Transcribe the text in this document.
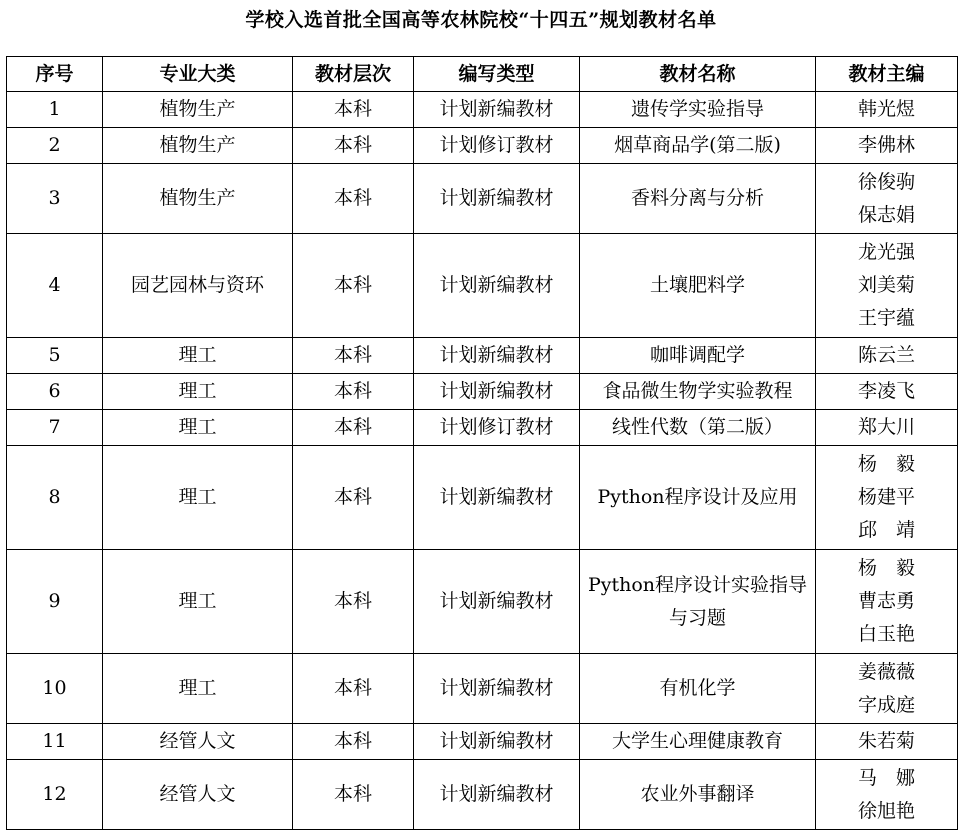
学校入选首批全国高等农林院校“十四五”规划教材名单
序号	专业大类	教材层次	编写类型	教材名称	教材主编
1	植物生产	本科	计划新编教材	遗传学实验指导	韩光煜

2	植物生产	本科	计划修订教材	烟草商品学(第二版)	李佛林

3	植物生产	本科	计划新编教材	香料分离与分析	徐俊驹
保志娟

4	园艺园林与资环	本科	计划新编教材	土壤肥料学	龙光强
刘美菊
王宇蕴

5	理工	本科	计划新编教材	咖啡调配学	陈云兰

6	理工	本科	计划新编教材	食品微生物学实验教程	李凌飞

7	理工	本科	计划修订教材	线性代数（第二版）	郑大川

8	理工	本科	计划新编教材	Python程序设计及应用	杨　毅
杨建平
邱　靖

9	理工	本科	计划新编教材	Python程序设计实验指导与习题	杨　毅
曹志勇
白玉艳

10	理工	本科	计划新编教材	有机化学	姜薇薇
字成庭

11	经管人文	本科	计划新编教材	大学生心理健康教育	朱若菊

12	经管人文	本科	计划新编教材	农业外事翻译	马　娜
徐旭艳
